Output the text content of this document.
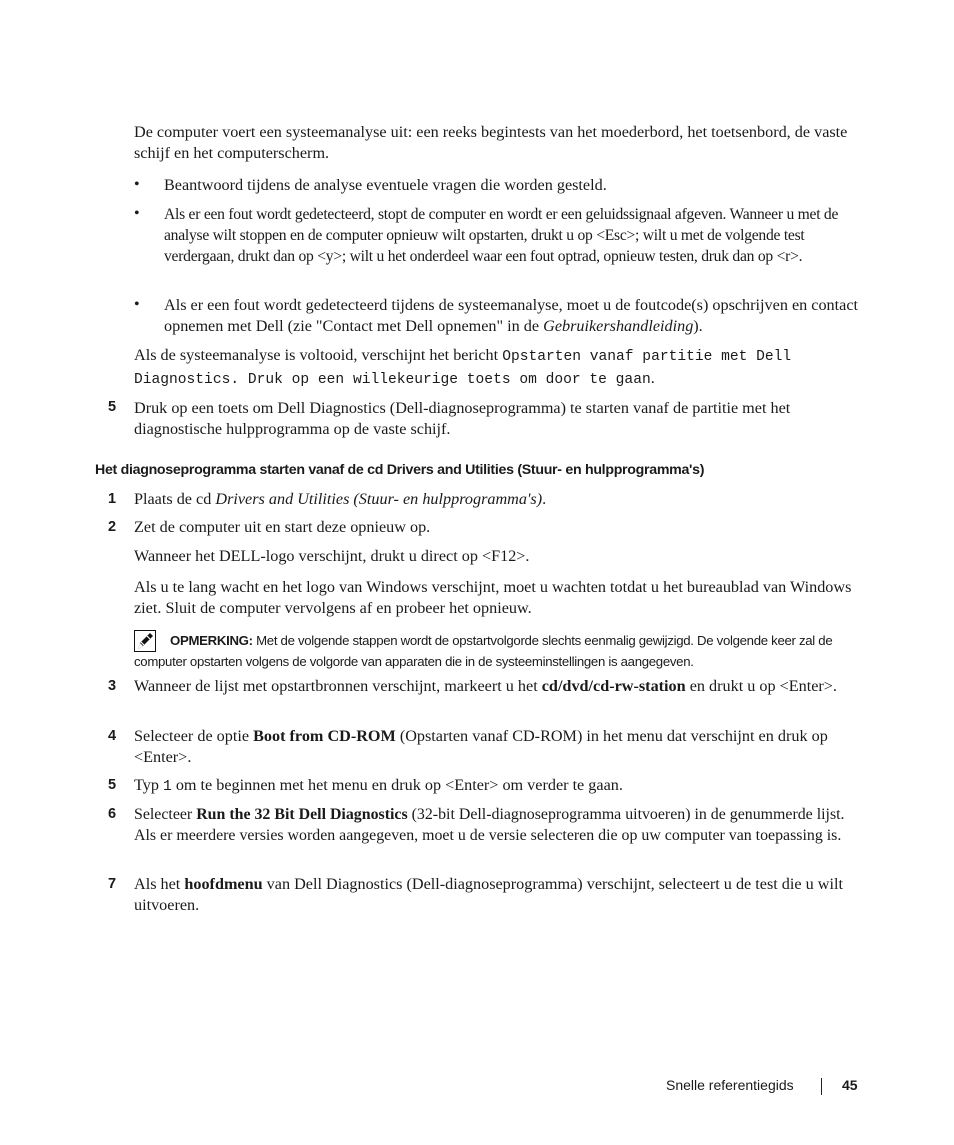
De computer voert een systeemanalyse uit: een reeks begintests van het moederbord, het toetsenbord, de vaste schijf en het computerscherm.

• Beantwoord tijdens de analyse eventuele vragen die worden gesteld.

• Als er een fout wordt gedetecteerd, stopt de computer en wordt er een geluidssignaal afgeven. Wanneer u met de analyse wilt stoppen en de computer opnieuw wilt opstarten, drukt u op <Esc>; wilt u met de volgende test verdergaan, drukt dan op <y>; wilt u het onderdeel waar een fout optrad, opnieuw testen, druk dan op <r>.

• Als er een fout wordt gedetecteerd tijdens de systeemanalyse, moet u de foutcode(s) opschrijven en contact opnemen met Dell (zie "Contact met Dell opnemen" in de Gebruikershandleiding).

Als de systeemanalyse is voltooid, verschijnt het bericht Opstarten vanaf partitie met Dell Diagnostics. Druk op een willekeurige toets om door te gaan.

5 Druk op een toets om Dell Diagnostics (Dell-diagnoseprogramma) te starten vanaf de partitie met het diagnostische hulpprogramma op de vaste schijf.

Het diagnoseprogramma starten vanaf de cd Drivers and Utilities (Stuur- en hulpprogramma's)

1 Plaats de cd Drivers and Utilities (Stuur- en hulpprogramma's).

2 Zet de computer uit en start deze opnieuw op.

Wanneer het DELL-logo verschijnt, drukt u direct op <F12>.

Als u te lang wacht en het logo van Windows verschijnt, moet u wachten totdat u het bureaublad van Windows ziet. Sluit de computer vervolgens af en probeer het opnieuw.

OPMERKING: Met de volgende stappen wordt de opstartvolgorde slechts eenmalig gewijzigd. De volgende keer zal de computer opstarten volgens de volgorde van apparaten die in de systeeminstellingen is aangegeven.

3 Wanneer de lijst met opstartbronnen verschijnt, markeert u het cd/dvd/cd-rw-station en drukt u op <Enter>.

4 Selecteer de optie Boot from CD-ROM (Opstarten vanaf CD-ROM) in het menu dat verschijnt en druk op <Enter>.

5 Typ 1 om te beginnen met het menu en druk op <Enter> om verder te gaan.

6 Selecteer Run the 32 Bit Dell Diagnostics (32-bit Dell-diagnoseprogramma uitvoeren) in de genummerde lijst. Als er meerdere versies worden aangegeven, moet u de versie selecteren die op uw computer van toepassing is.

7 Als het hoofdmenu van Dell Diagnostics (Dell-diagnoseprogramma) verschijnt, selecteert u de test die u wilt uitvoeren.

Snelle referentiegids	45
